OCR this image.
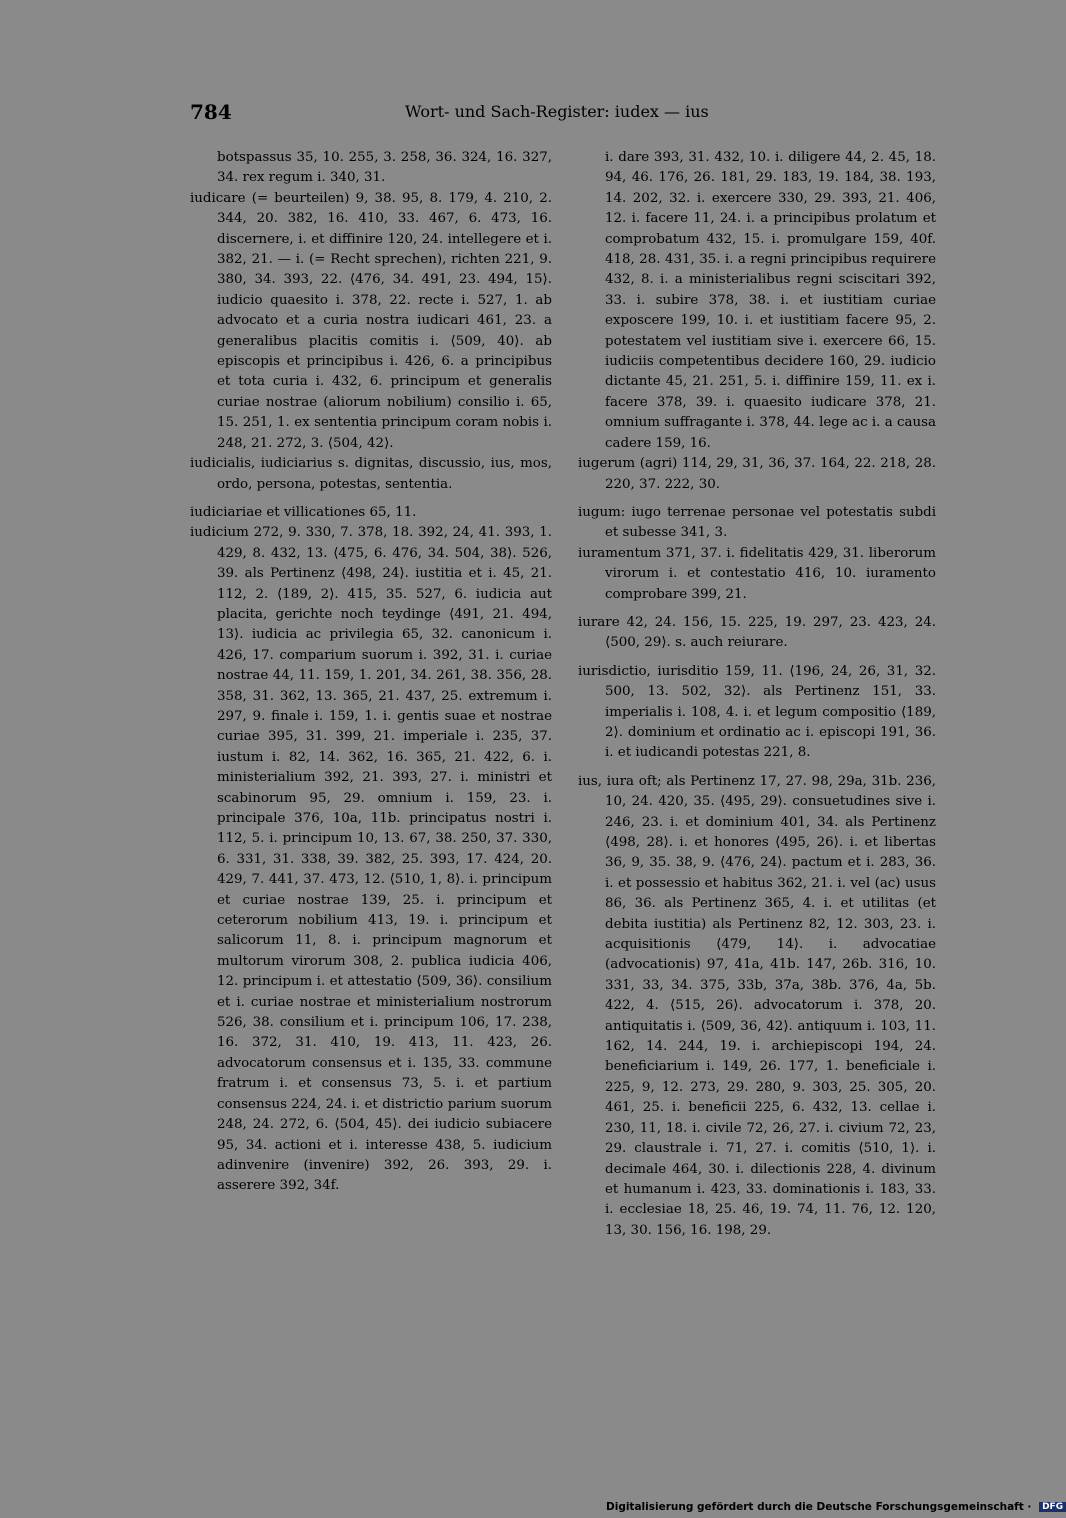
784	Wort- und Sach-Register: iudex — ius

botspassus 35, 10. 255, 3. 258, 36. 324, 16. 327, 34. rex regum i. 340, 31.

iudicare (= beurteilen) 9, 38. 95, 8. 179, 4. 210, 2. 344, 20. 382, 16. 410, 33. 467, 6. 473, 16. discernere, i. et diffinire 120, 24. intellegere et i. 382, 21. — i. (= Recht sprechen), richten 221, 9. 380, 34. 393, 22. ⟨476, 34. 491, 23. 494, 15⟩. iudicio quaesito i. 378, 22. recte i. 527, 1. ab advocato et a curia nostra iudicari 461, 23. a generalibus placitis comitis i. ⟨509, 40⟩. ab episcopis et principibus i. 426, 6. a principibus et tota curia i. 432, 6. principum et generalis curiae nostrae (aliorum nobilium) consilio i. 65, 15. 251, 1. ex sententia principum coram nobis i. 248, 21. 272, 3. ⟨504, 42⟩.

iudicialis, iudiciarius s. dignitas, discussio, ius, mos, ordo, persona, potestas, sententia.

iudiciariae et villicationes 65, 11.

iudicium 272, 9. 330, 7. 378, 18. 392, 24, 41. 393, 1. 429, 8. 432, 13. ⟨475, 6. 476, 34. 504, 38⟩. 526, 39. als Pertinenz ⟨498, 24⟩. iustitia et i. 45, 21. 112, 2. ⟨189, 2⟩. 415, 35. 527, 6. iudicia aut placita, gerichte noch teydinge ⟨491, 21. 494, 13⟩. iudicia ac privilegia 65, 32. canonicum i. 426, 17. comparium suorum i. 392, 31. i. curiae nostrae 44, 11. 159, 1. 201, 34. 261, 38. 356, 28. 358, 31. 362, 13. 365, 21. 437, 25. extremum i. 297, 9. finale i. 159, 1. i. gentis suae et nostrae curiae 395, 31. 399, 21. imperiale i. 235, 37. iustum i. 82, 14. 362, 16. 365, 21. 422, 6. i. ministerialium 392, 21. 393, 27. i. ministri et scabinorum 95, 29. omnium i. 159, 23. i. principale 376, 10a, 11b. principatus nostri i. 112, 5. i. principum 10, 13. 67, 38. 250, 37. 330, 6. 331, 31. 338, 39. 382, 25. 393, 17. 424, 20. 429, 7. 441, 37. 473, 12. ⟨510, 1, 8⟩. i. principum et curiae nostrae 139, 25. i. principum et ceterorum nobilium 413, 19. i. principum et salicorum 11, 8. i. principum magnorum et multorum virorum 308, 2. publica iudicia 406, 12. principum i. et attestatio ⟨509, 36⟩. consilium et i. curiae nostrae et ministerialium nostrorum 526, 38. consilium et i. principum 106, 17. 238, 16. 372, 31. 410, 19. 413, 11. 423, 26. advocatorum consensus et i. 135, 33. commune fratrum i. et consensus 73, 5. i. et partium consensus 224, 24. i. et districtio parium suorum 248, 24. 272, 6. ⟨504, 45⟩. dei iudicio subiacere 95, 34. actioni et i. interesse 438, 5. iudicium adinvenire (invenire) 392, 26. 393, 29. i. asserere 392, 34f.

i. dare 393, 31. 432, 10. i. diligere 44, 2. 45, 18. 94, 46. 176, 26. 181, 29. 183, 19. 184, 38. 193, 14. 202, 32. i. exercere 330, 29. 393, 21. 406, 12. i. facere 11, 24. i. a principibus prolatum et comprobatum 432, 15. i. promulgare 159, 40f. 418, 28. 431, 35. i. a regni principibus requirere 432, 8. i. a ministerialibus regni sciscitari 392, 33. i. subire 378, 38. i. et iustitiam curiae exposcere 199, 10. i. et iustitiam facere 95, 2. potestatem vel iustitiam sive i. exercere 66, 15. iudiciis competentibus decidere 160, 29. iudicio dictante 45, 21. 251, 5. i. diffinire 159, 11. ex i. facere 378, 39. i. quaesito iudicare 378, 21. omnium suffragante i. 378, 44. lege ac i. a causa cadere 159, 16.

iugerum (agri) 114, 29, 31, 36, 37. 164, 22. 218, 28. 220, 37. 222, 30.

iugum: iugo terrenae personae vel potestatis subdi et subesse 341, 3.

iuramentum 371, 37. i. fidelitatis 429, 31. liberorum virorum i. et contestatio 416, 10. iuramento comprobare 399, 21.

iurare 42, 24. 156, 15. 225, 19. 297, 23. 423, 24. ⟨500, 29⟩. s. auch reiurare.

iurisdictio, iurisditio 159, 11. ⟨196, 24, 26, 31, 32. 500, 13. 502, 32⟩. als Pertinenz 151, 33. imperialis i. 108, 4. i. et legum compositio ⟨189, 2⟩. dominium et ordinatio ac i. episcopi 191, 36. i. et iudicandi potestas 221, 8.

ius, iura oft; als Pertinenz 17, 27. 98, 29a, 31b. 236, 10, 24. 420, 35. ⟨495, 29⟩. consuetudines sive i. 246, 23. i. et dominium 401, 34. als Pertinenz ⟨498, 28⟩. i. et honores ⟨495, 26⟩. i. et libertas 36, 9, 35. 38, 9. ⟨476, 24⟩. pactum et i. 283, 36. i. et possessio et habitus 362, 21. i. vel (ac) usus 86, 36. als Pertinenz 365, 4. i. et utilitas (et debita iustitia) als Pertinenz 82, 12. 303, 23. i. acquisitionis ⟨479, 14⟩. i. advocatiae (advocationis) 97, 41a, 41b. 147, 26b. 316, 10. 331, 33, 34. 375, 33b, 37a, 38b. 376, 4a, 5b. 422, 4. ⟨515, 26⟩. advocatorum i. 378, 20. antiquitatis i. ⟨509, 36, 42⟩. antiquum i. 103, 11. 162, 14. 244, 19. i. archiepiscopi 194, 24. beneficiarium i. 149, 26. 177, 1. beneficiale i. 225, 9, 12. 273, 29. 280, 9. 303, 25. 305, 20. 461, 25. i. beneficii 225, 6. 432, 13. cellae i. 230, 11, 18. i. civile 72, 26, 27. i. civium 72, 23, 29. claustrale i. 71, 27. i. comitis ⟨510, 1⟩. i. decimale 464, 30. i. dilectionis 228, 4. divinum et humanum i. 423, 33. dominationis i. 183, 33. i. ecclesiae 18, 25. 46, 19. 74, 11. 76, 12. 120, 13, 30. 156, 16. 198, 29.

Digitalisierung gefördert durch die Deutsche Forschungsgemeinschaft · DFG
